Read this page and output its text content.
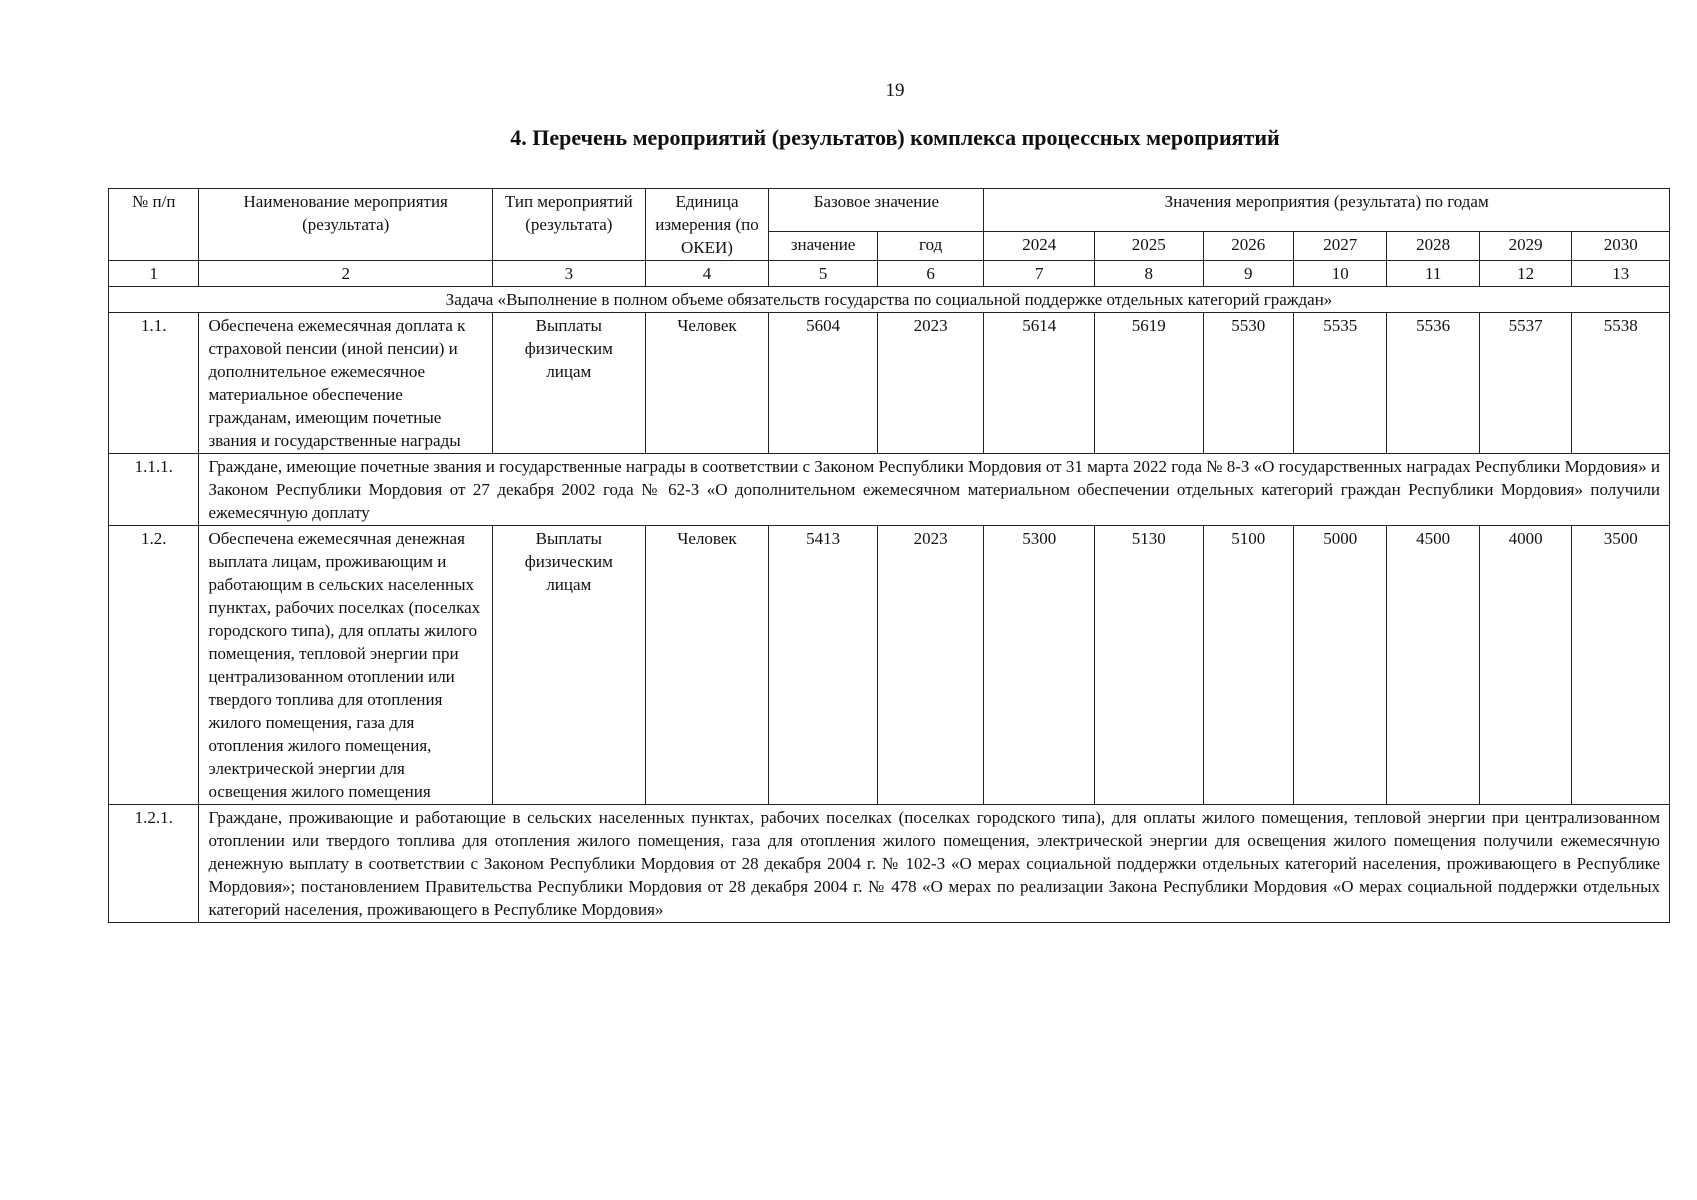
19
4. Перечень мероприятий (результатов) комплекса процессных мероприятий
№ п/п	Наименование мероприятия (результата)	Тип мероприятий (результата)	Единица измерения (по ОКЕИ)	Базовое значение		Значения мероприятия (результата) по годам						
				значение	год	2024	2025	2026	2027	2028	2029	2030
1	2	3	4	5	6	7	8	9	10	11	12	13
Задача «Выполнение в полном объеме обязательств государства по социальной поддержке отдельных категорий граждан»												
1.1.	Обеспечена ежемесячная доплата к страховой пенсии (иной пенсии) и дополнительное ежемесячное материальное обеспечение гражданам, имеющим почетные звания и государственные награды	Выплаты физическим лицам	Человек	5604	2023	5614	5619	5530	5535	5536	5537	5538
1.1.1.	Граждане, имеющие почетные звания и государственные награды в соответствии с Законом Республики Мордовия от 31 марта 2022 года № 8-З «О государственных наградах Республики Мордовия» и Законом Республики Мордовия от 27 декабря 2002 года № 62-З «О дополнительном ежемесячном материальном обеспечении отдельных категорий граждан Республики Мордовия» получили ежемесячную доплату											
1.2.	Обеспечена ежемесячная денежная выплата лицам, проживающим и работающим в сельских населенных пунктах, рабочих поселках (поселках городского типа), для оплаты жилого помещения, тепловой энергии при централизованном отоплении или твердого топлива для отопления жилого помещения, газа для отопления жилого помещения, электрической энергии для освещения жилого помещения	Выплаты физическим лицам	Человек	5413	2023	5300	5130	5100	5000	4500	4000	3500
1.2.1.	Граждане, проживающие и работающие в сельских населенных пунктах, рабочих поселках (поселках городского типа), для оплаты жилого помещения, тепловой энергии при централизованном отоплении или твердого топлива для отопления жилого помещения, газа для отопления жилого помещения, электрической энергии для освещения жилого помещения получили ежемесячную денежную выплату в соответствии с Законом Республики Мордовия от 28 декабря 2004 г. № 102-З «О мерах социальной поддержки отдельных категорий населения, проживающего в Республике Мордовия»; постановлением Правительства Республики Мордовия от 28 декабря 2004 г. № 478 «О мерах по реализации Закона Республики Мордовия «О мерах социальной поддержки отдельных категорий населения, проживающего в Республике Мордовия»											
